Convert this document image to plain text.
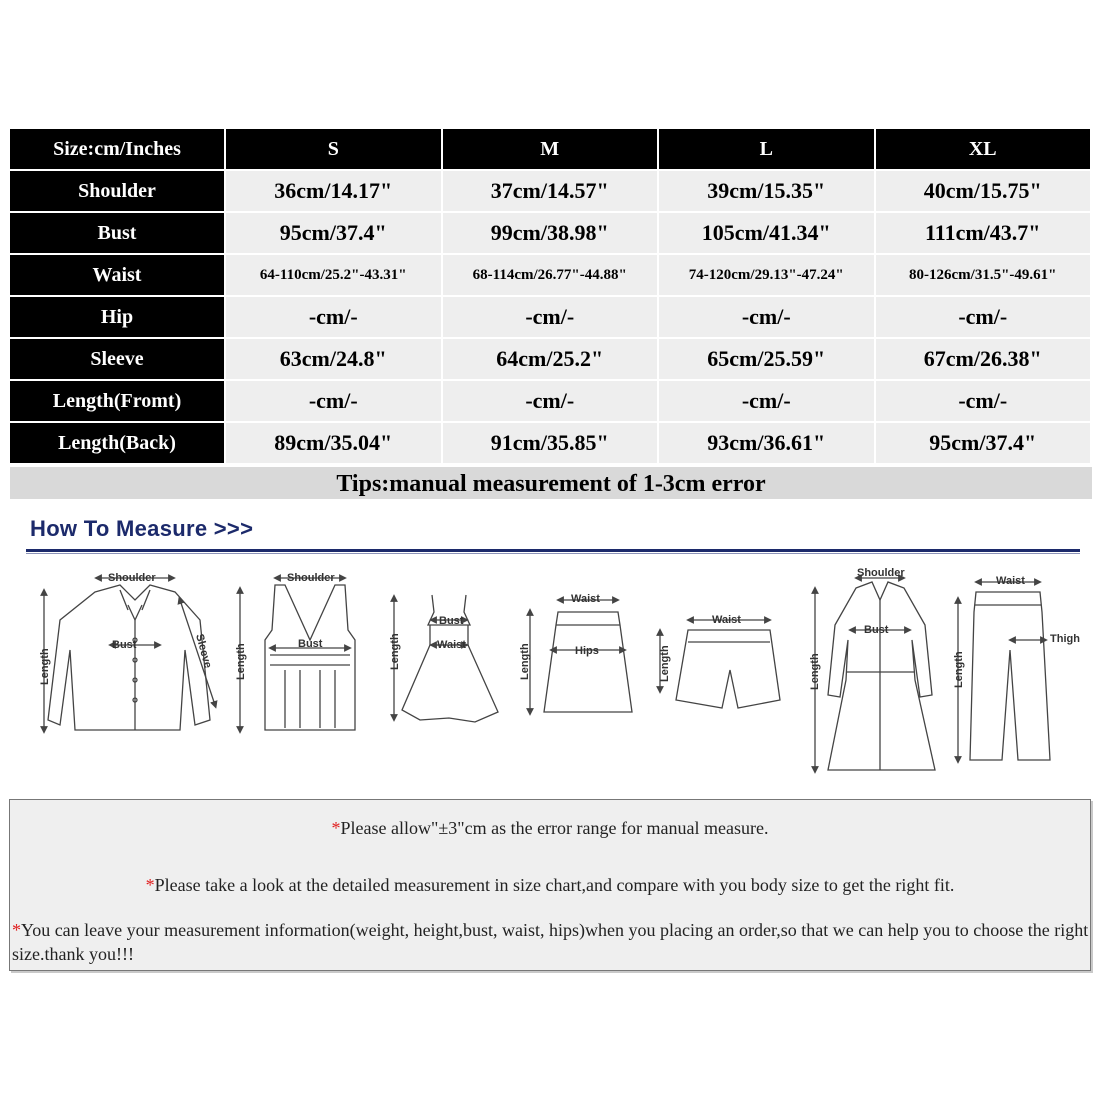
Size:cm/Inches	S	M	L	XL
Shoulder	36cm/14.17"	37cm/14.57"	39cm/15.35"	40cm/15.75"
Bust	95cm/37.4"	99cm/38.98"	105cm/41.34"	111cm/43.7"
Waist	64-110cm/25.2"-43.31"	68-114cm/26.77"-44.88"	74-120cm/29.13"-47.24"	80-126cm/31.5"-49.61"
Hip	-cm/-	-cm/-	-cm/-	-cm/-
Sleeve	63cm/24.8"	64cm/25.2"	65cm/25.59"	67cm/26.38"
Length(Fromt)	-cm/-	-cm/-	-cm/-	-cm/-
Length(Back)	89cm/35.04"	91cm/35.85"	93cm/36.61"	95cm/37.4"
Tips:manual measurement of 1-3cm error
How To Measure >>>
Shoulder
Bust
Length	Sleeve
Shoulder
Bust
Length
Bust
Waist
Length
Waist
Hips
Length
Waist
Length
Shoulder
Bust
Length
Waist
Thigh
Length
*Please allow"±3"cm as the error range for manual measure.
*Please take a look at the detailed measurement in size chart,and compare with you body size to get the right fit.
*You can leave your measurement information(weight, height,bust, waist, hips)when you placing an order,so that we can help you to choose the right size.thank you!!!
